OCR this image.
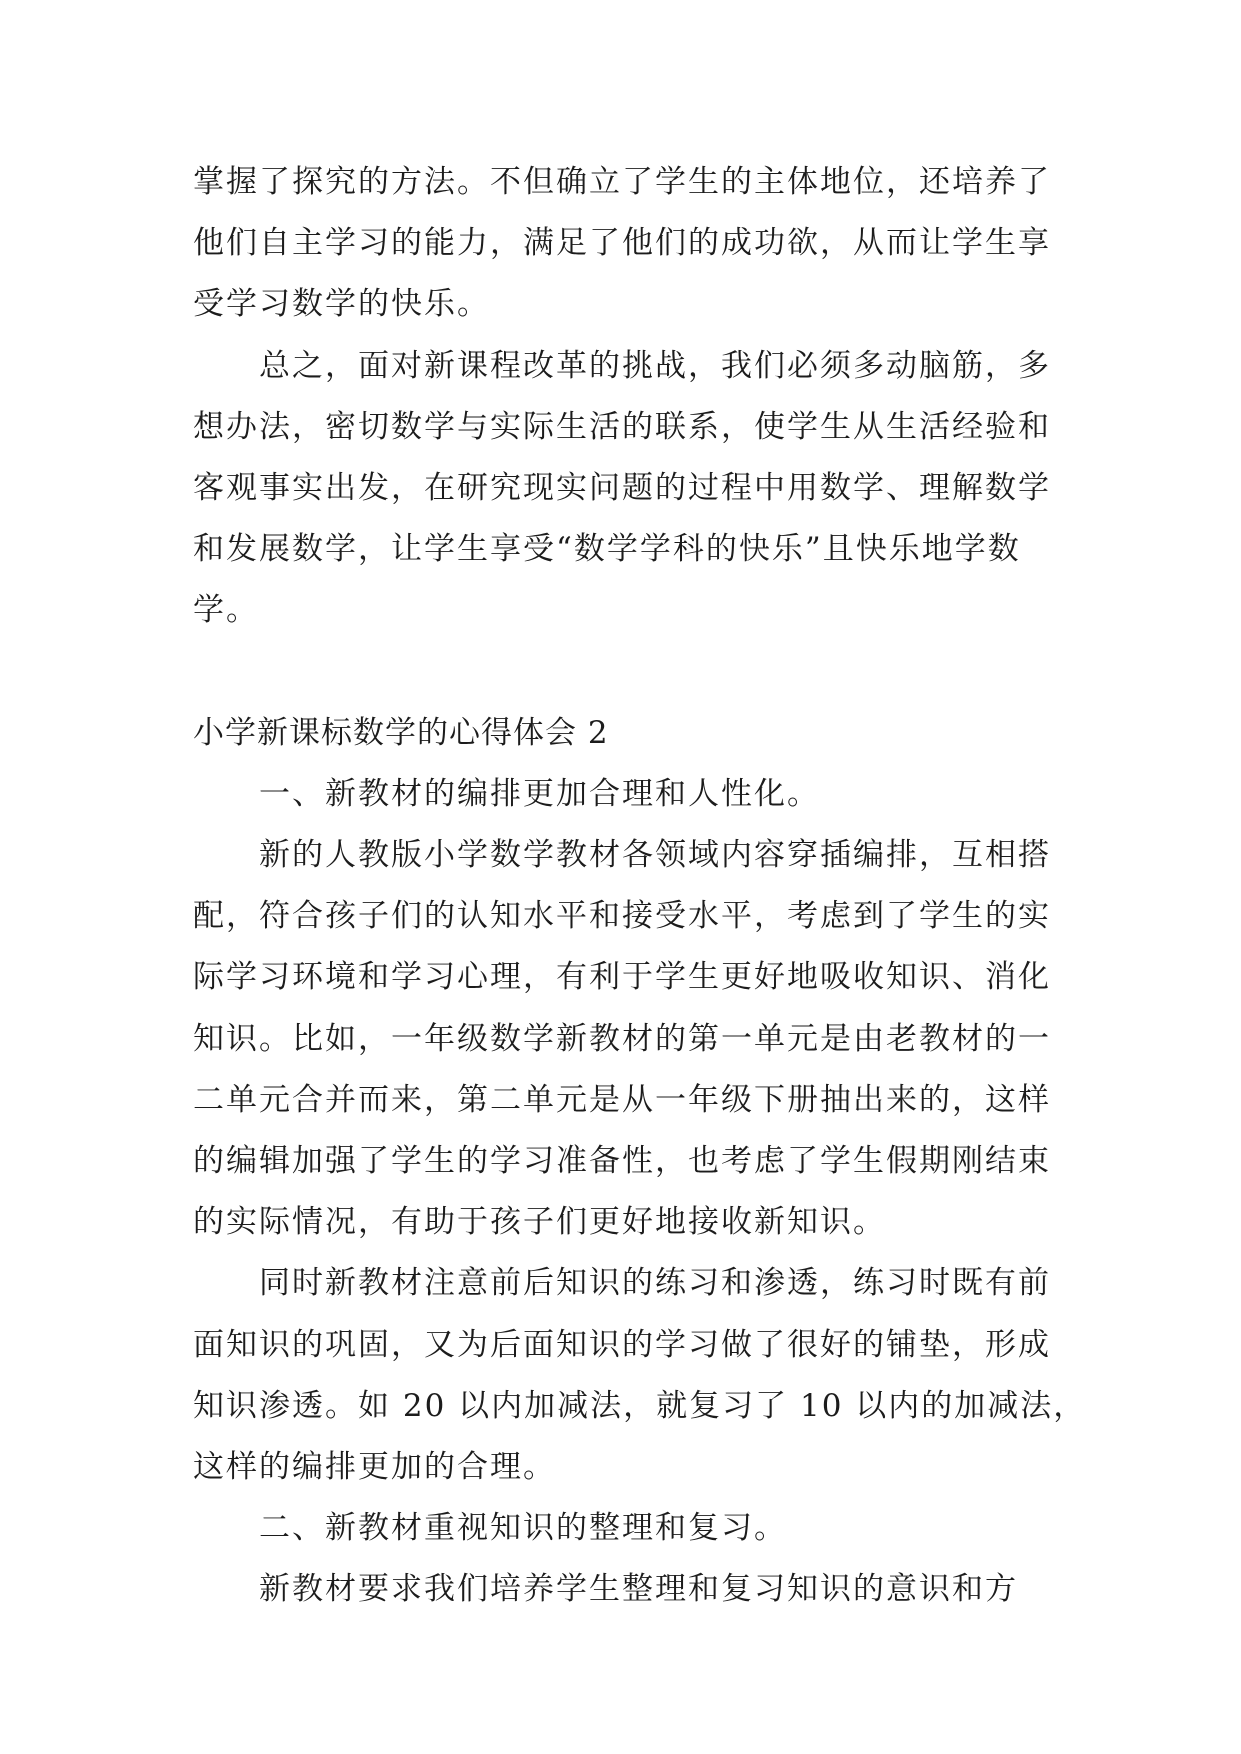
掌握了探究的方法。不但确立了学生的主体地位，还培养了
他们自主学习的能力，满足了他们的成功欲，从而让学生享
受学习数学的快乐。
总之，面对新课程改革的挑战，我们必须多动脑筋，多
想办法，密切数学与实际生活的联系，使学生从生活经验和
客观事实出发，在研究现实问题的过程中用数学、理解数学
和发展数学，让学生享受“数学学科的快乐”且快乐地学数
学。
小学新课标数学的心得体会 2
一、新教材的编排更加合理和人性化。
新的人教版小学数学教材各领域内容穿插编排，互相搭
配，符合孩子们的认知水平和接受水平，考虑到了学生的实
际学习环境和学习心理，有利于学生更好地吸收知识、消化
知识。比如，一年级数学新教材的第一单元是由老教材的一
二单元合并而来，第二单元是从一年级下册抽出来的，这样
的编辑加强了学生的学习准备性，也考虑了学生假期刚结束
的实际情况，有助于孩子们更好地接收新知识。
同时新教材注意前后知识的练习和渗透，练习时既有前
面知识的巩固，又为后面知识的学习做了很好的铺垫，形成
知识渗透。如 20 以内加减法，就复习了 10 以内的加减法，
这样的编排更加的合理。
二、新教材重视知识的整理和复习。
新教材要求我们培养学生整理和复习知识的意识和方
